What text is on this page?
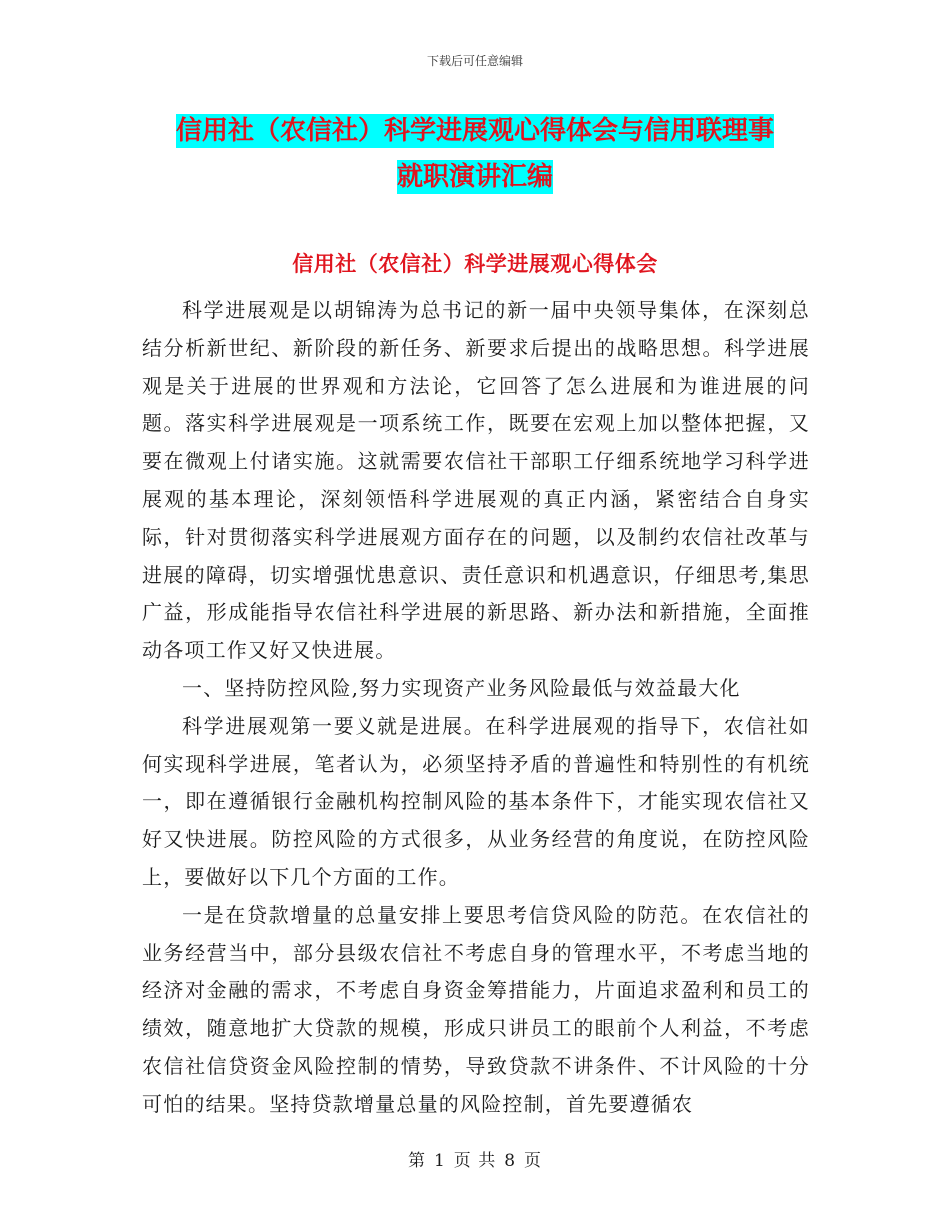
下载后可任意编辑
信用社（农信社）科学进展观心得体会与信用联理事
就职演讲汇编
信用社（农信社）科学进展观心得体会

科学进展观是以胡锦涛为总书记的新一届中央领导集体，在深刻总结分析新世纪、新阶段的新任务、新要求后提出的战略思想。科学进展观是关于进展的世界观和方法论，它回答了怎么进展和为谁进展的问题。落实科学进展观是一项系统工作，既要在宏观上加以整体把握，又要在微观上付诸实施。这就需要农信社干部职工仔细系统地学习科学进展观的基本理论，深刻领悟科学进展观的真正内涵，紧密结合自身实际，针对贯彻落实科学进展观方面存在的问题，以及制约农信社改革与进展的障碍，切实增强忧患意识、责任意识和机遇意识，仔细思考,集思广益，形成能指导农信社科学进展的新思路、新办法和新措施，全面推动各项工作又好又快进展。

一、坚持防控风险,努力实现资产业务风险最低与效益最大化

科学进展观第一要义就是进展。在科学进展观的指导下，农信社如何实现科学进展，笔者认为，必须坚持矛盾的普遍性和特别性的有机统一，即在遵循银行金融机构控制风险的基本条件下，才能实现农信社又好又快进展。防控风险的方式很多，从业务经营的角度说，在防控风险上，要做好以下几个方面的工作。

一是在贷款增量的总量安排上要思考信贷风险的防范。在农信社的业务经营当中，部分县级农信社不考虑自身的管理水平，不考虑当地的经济对金融的需求，不考虑自身资金筹措能力，片面追求盈利和员工的绩效，随意地扩大贷款的规模，形成只讲员工的眼前个人利益，不考虑农信社信贷资金风险控制的情势，导致贷款不讲条件、不计风险的十分可怕的结果。坚持贷款增量总量的风险控制，首先要遵循农

第 1 页 共 8 页
